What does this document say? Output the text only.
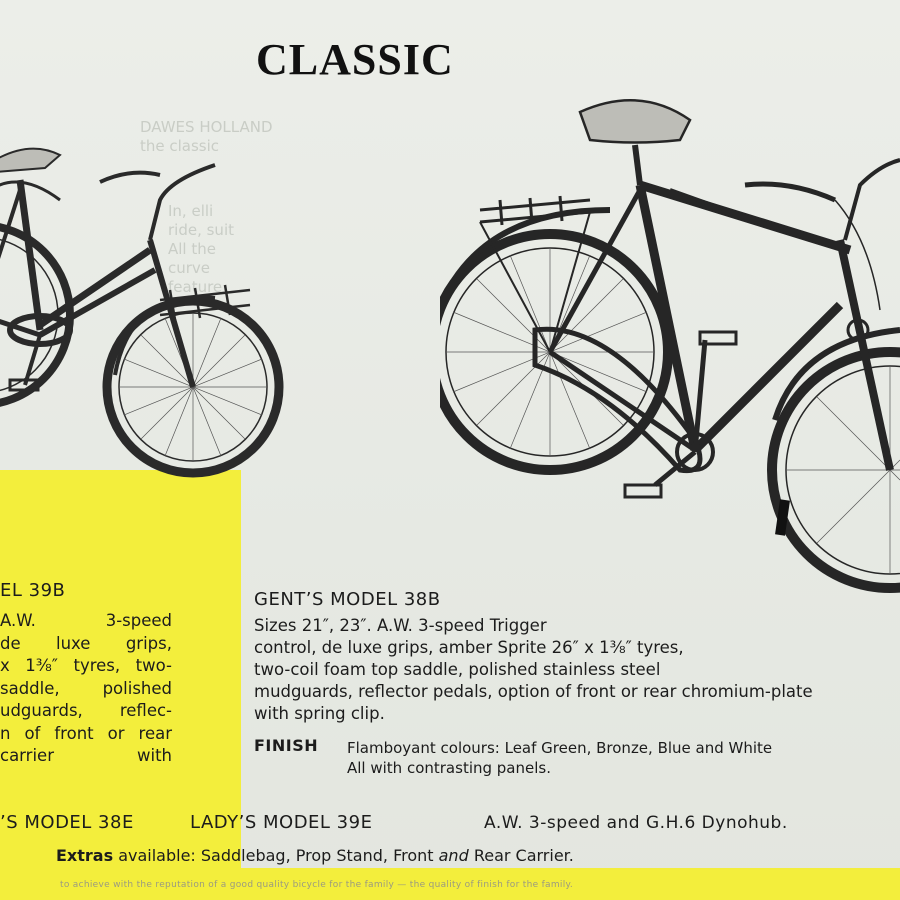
DAWES HOLLAND
the classic
In, elli
ride, suit
All the
curve
feature
CLASSIC
GENT’S MODEL 38B
Sizes 21″, 23″. A.W. 3-speed Trigger
control, de luxe grips, amber Sprite 26″ x 1⅜″ tyres,
two-coil foam top saddle, polished stainless steel
mudguards, reflector pedals, option of front or rear chromium-plate
with spring clip.
FINISH Flamboyant colours: Leaf Green, Bronze, Blue and White
All with contrasting panels.
EL 39B
A.W. 3-speed
de luxe grips,
x 1⅜″ tyres, two-
saddle, polished
udguards, reflec-
n of front or rear
carrier with
’S MODEL 38E	LADY’S MODEL 39E	A.W. 3-speed and G.H.6 Dynohub.
Extras available: Saddlebag, Prop Stand, Front and Rear Carrier.
to achieve with the reputation of a good quality bicycle for the family — the quality of finish for the family.
